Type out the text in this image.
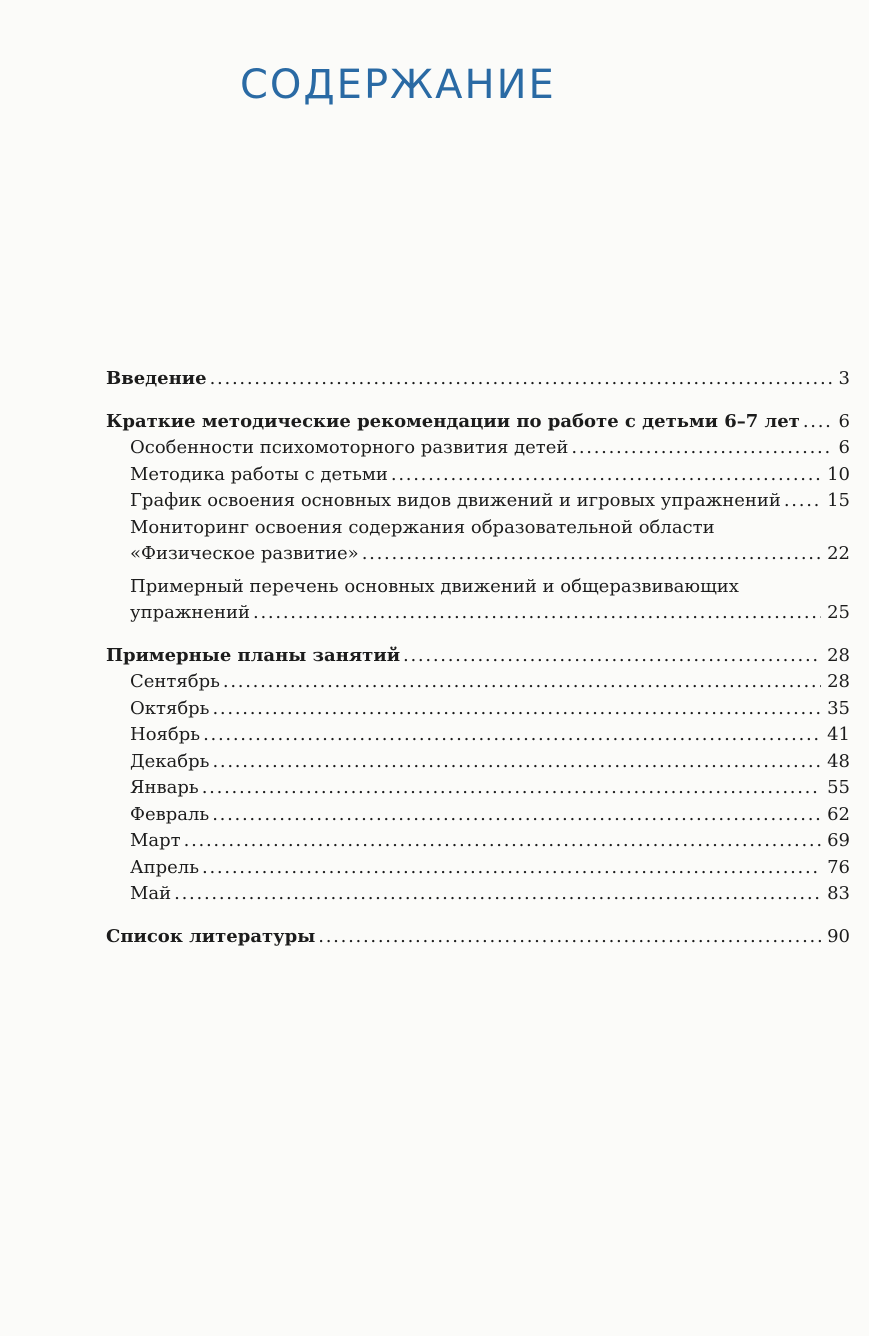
СОДЕРЖАНИЕ
Введение . . .	3
Краткие методические рекомендации по работе с детьми 6–7 лет . . . 6
Особенности психомоторного развития детей . . .	6
Методика работы с детьми . . .	10
График освоения основных видов движений и игровых упражнений . . .	15
Мониторинг освоения содержания образовательной области
«Физическое развитие» . . .	22
Примерный перечень основных движений и общеразвивающих
упражнений . . .	25
Примерные планы занятий . . .	28
Сентябрь . . .	28
Октябрь . . .	35
Ноябрь . . .	41
Декабрь . . .	48
Январь . . .	55
Февраль . . .	62
Март . . .	69
Апрель . . .	76
Май . . .	83
Список литературы . . .	90
